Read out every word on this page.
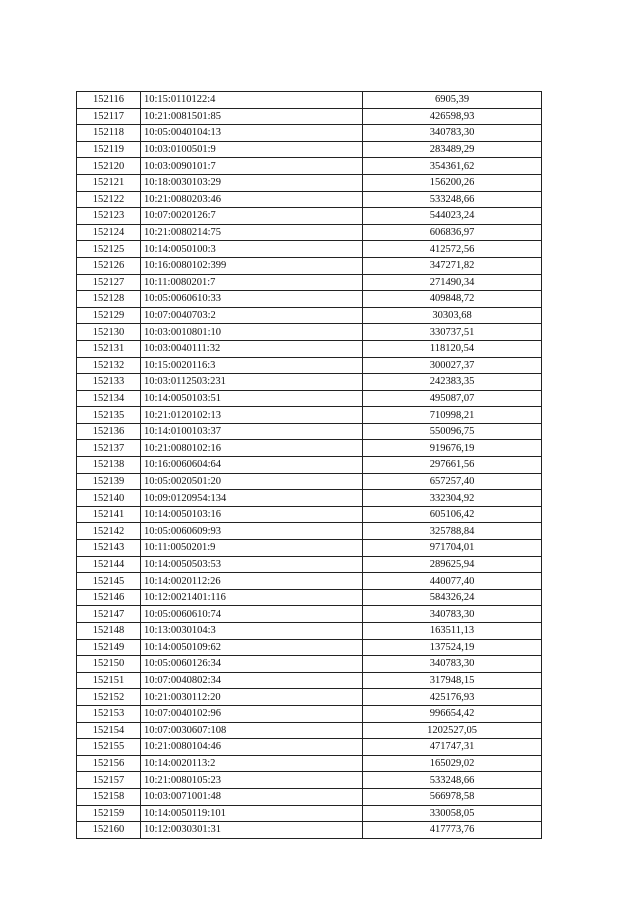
152116	10:15:0110122:4	6905,39
152117	10:21:0081501:85	426598,93
152118	10:05:0040104:13	340783,30
152119	10:03:0100501:9	283489,29
152120	10:03:0090101:7	354361,62
152121	10:18:0030103:29	156200,26
152122	10:21:0080203:46	533248,66
152123	10:07:0020126:7	544023,24
152124	10:21:0080214:75	606836,97
152125	10:14:0050100:3	412572,56
152126	10:16:0080102:399	347271,82
152127	10:11:0080201:7	271490,34
152128	10:05:0060610:33	409848,72
152129	10:07:0040703:2	30303,68
152130	10:03:0010801:10	330737,51
152131	10:03:0040111:32	118120,54
152132	10:15:0020116:3	300027,37
152133	10:03:0112503:231	242383,35
152134	10:14:0050103:51	495087,07
152135	10:21:0120102:13	710998,21
152136	10:14:0100103:37	550096,75
152137	10:21:0080102:16	919676,19
152138	10:16:0060604:64	297661,56
152139	10:05:0020501:20	657257,40
152140	10:09:0120954:134	332304,92
152141	10:14:0050103:16	605106,42
152142	10:05:0060609:93	325788,84
152143	10:11:0050201:9	971704,01
152144	10:14:0050503:53	289625,94
152145	10:14:0020112:26	440077,40
152146	10:12:0021401:116	584326,24
152147	10:05:0060610:74	340783,30
152148	10:13:0030104:3	163511,13
152149	10:14:0050109:62	137524,19
152150	10:05:0060126:34	340783,30
152151	10:07:0040802:34	317948,15
152152	10:21:0030112:20	425176,93
152153	10:07:0040102:96	996654,42
152154	10:07:0030607:108	1202527,05
152155	10:21:0080104:46	471747,31
152156	10:14:0020113:2	165029,02
152157	10:21:0080105:23	533248,66
152158	10:03:0071001:48	566978,58
152159	10:14:0050119:101	330058,05
152160	10:12:0030301:31	417773,76
